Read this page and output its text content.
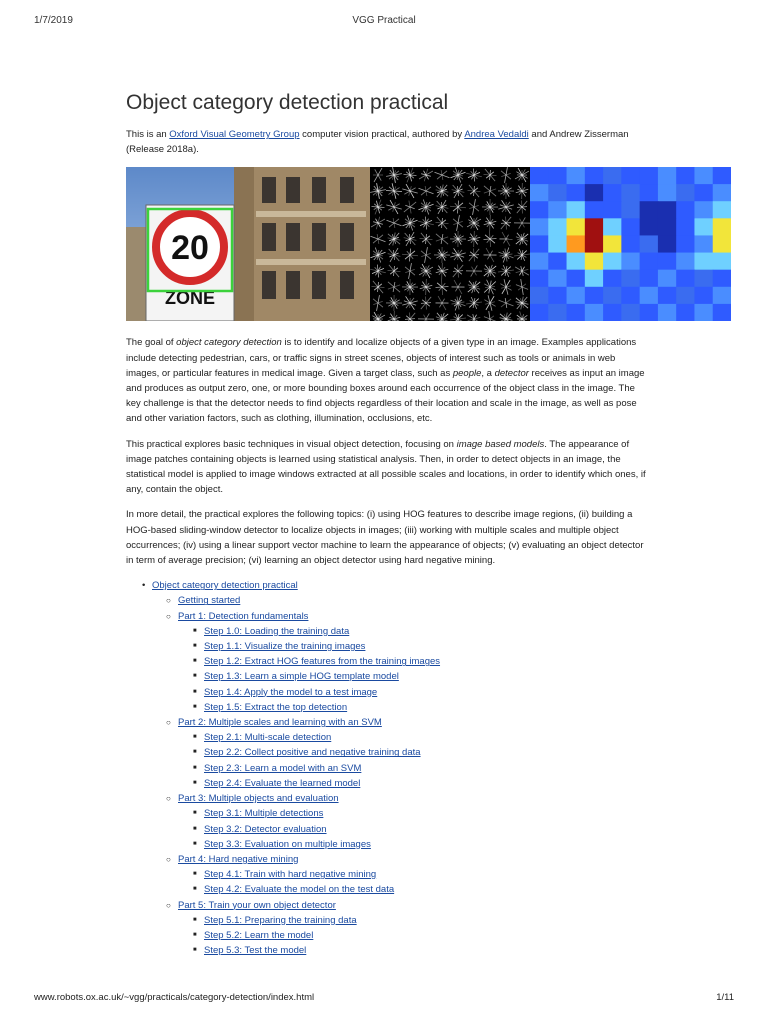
1/7/2019	VGG Practical
Object category detection practical

This is an Oxford Visual Geometry Group computer vision practical, authored by Andrea Vedaldi and Andrew Zisserman (Release 2018a).

20
ZONE

The goal of object category detection is to identify and localize objects of a given type in an image. Examples applications include detecting pedestrian, cars, or traffic signs in street scenes, objects of interest such as tools or animals in web images, or particular features in medical image. Given a target class, such as people, a detector receives as input an image and produces as output zero, one, or more bounding boxes around each occurrence of the object class in the image. The key challenge is that the detector needs to find objects regardless of their location and scale in the image, as well as pose and other variation factors, such as clothing, illumination, occlusions, etc.

This practical explores basic techniques in visual object detection, focusing on image based models. The appearance of image patches containing objects is learned using statistical analysis. Then, in order to detect objects in an image, the statistical model is applied to image windows extracted at all possible scales and locations, in order to identify which ones, if any, contain the object.

In more detail, the practical explores the following topics: (i) using HOG features to describe image regions, (ii) building a HOG-based sliding-window detector to localize objects in images; (iii) working with multiple scales and multiple object occurrences; (iv) using a linear support vector machine to learn the appearance of objects; (v) evaluating an object detector in term of average precision; (vi) learning an object detector using hard negative mining.

• Object category detection practical
○ Getting started
○ Part 1: Detection fundamentals
■ Step 1.0: Loading the training data
■ Step 1.1: Visualize the training images
■ Step 1.2: Extract HOG features from the training images
■ Step 1.3: Learn a simple HOG template model
■ Step 1.4: Apply the model to a test image
■ Step 1.5: Extract the top detection
○ Part 2: Multiple scales and learning with an SVM
■ Step 2.1: Multi-scale detection
■ Step 2.2: Collect positive and negative training data
■ Step 2.3: Learn a model with an SVM
■ Step 2.4: Evaluate the learned model
○ Part 3: Multiple objects and evaluation
■ Step 3.1: Multiple detections
■ Step 3.2: Detector evaluation
■ Step 3.3: Evaluation on multiple images
○ Part 4: Hard negative mining
■ Step 4.1: Train with hard negative mining
■ Step 4.2: Evaluate the model on the test data
○ Part 5: Train your own object detector
■ Step 5.1: Preparing the training data
■ Step 5.2: Learn the model
■ Step 5.3: Test the model
www.robots.ox.ac.uk/~vgg/practicals/category-detection/index.html	1/11
